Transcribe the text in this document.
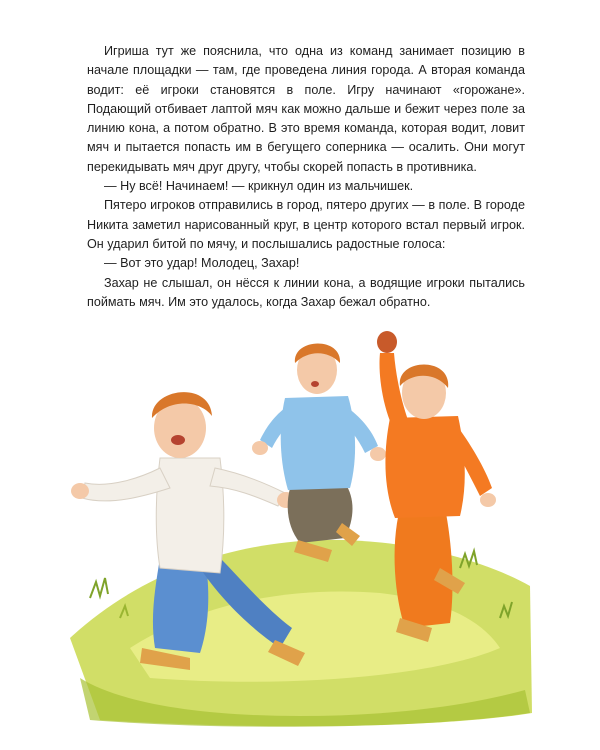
Игриша тут же пояснила, что одна из команд занимает позицию в начале площадки — там, где проведена линия города. А вторая команда водит: её игроки становятся в поле. Игру начинают «горожане». Подающий отбивает лаптой мяч как можно дальше и бежит через поле за линию кона, а потом обратно. В это время команда, которая водит, ловит мяч и пытается попасть им в бегущего соперника — осалить. Они могут перекидывать мяч друг другу, чтобы скорей попасть в противника.

— Ну всё! Начинаем! — крикнул один из мальчишек.

Пятеро игроков отправились в город, пятеро других — в поле. В городе Никита заметил нарисованный круг, в центр которого встал первый игрок. Он ударил битой по мячу, и послышались радостные голоса:

— Вот это удар! Молодец, Захар!

Захар не слышал, он нёсся к линии кона, а водящие игроки пытались поймать мяч. Им это удалось, когда Захар бежал обратно.
